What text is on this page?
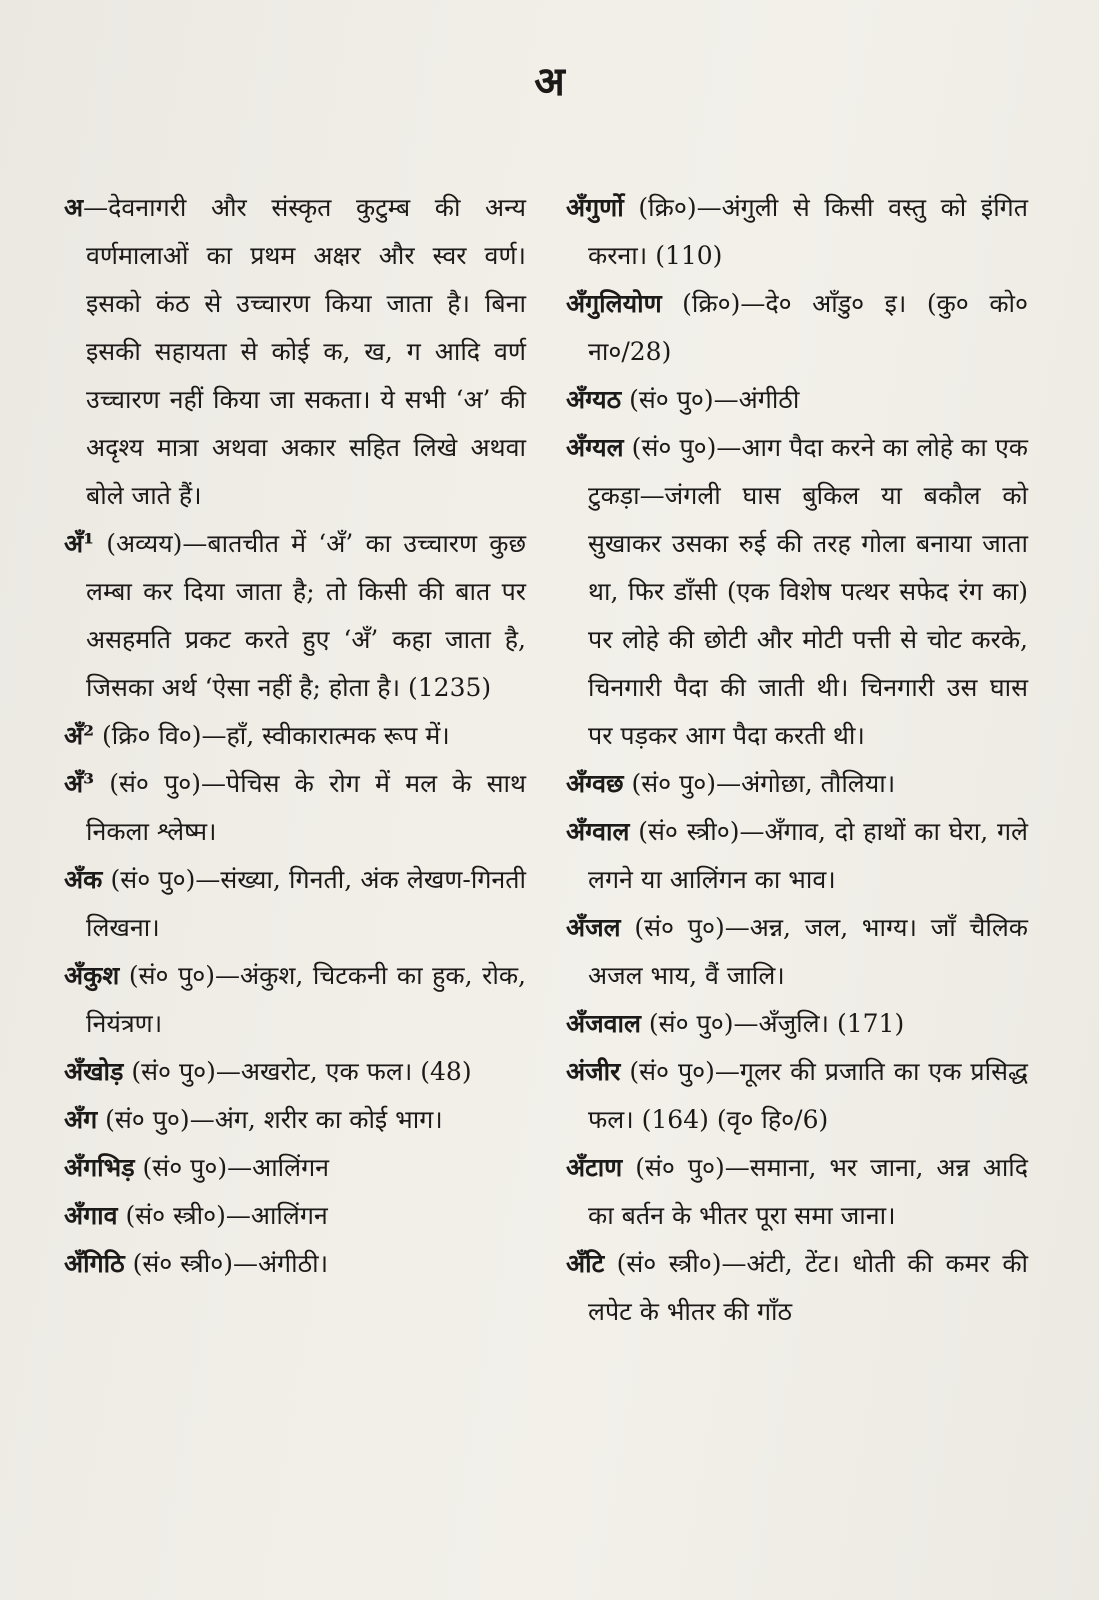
अ

अ—देवनागरी और संस्कृत कुटुम्ब की अन्य वर्णमालाओं का प्रथम अक्षर और स्वर वर्ण। इसको कंठ से उच्चारण किया जाता है। बिना इसकी सहायता से कोई क, ख, ग आदि वर्ण उच्चारण नहीं किया जा सकता। ये सभी ‘अ’ की अदृश्य मात्रा अथवा अकार सहित लिखे अथवा बोले जाते हैं।

अँ¹ (अव्यय)—बातचीत में ‘अँ’ का उच्चारण कुछ लम्बा कर दिया जाता है; तो किसी की बात पर असहमति प्रकट करते हुए ‘अँ’ कहा जाता है, जिसका अर्थ ‘ऐसा नहीं है; होता है। (1235)

अँ² (क्रि० वि०)—हाँ, स्वीकारात्मक रूप में।

अँ³ (सं० पु०)—पेचिस के रोग में मल के साथ निकला श्लेष्म।

अँक (सं० पु०)—संख्या, गिनती, अंक लेखण-गिनती लिखना।

अँकुश (सं० पु०)—अंकुश, चिटकनी का हुक, रोक, नियंत्रण।

अँखोड़ (सं० पु०)—अखरोट, एक फल। (48)

अँग (सं० पु०)—अंग, शरीर का कोई भाग।

अँगभिड़ (सं० पु०)—आलिंगन

अँगाव (सं० स्त्री०)—आलिंगन

अँगिठि (सं० स्त्री०)—अंगीठी।

अँगुर्णो (क्रि०)—अंगुली से किसी वस्तु को इंगित करना। (110)

अँगुलियोण (क्रि०)—दे० आँडु० इ। (कु० को० ना०/28)

अँग्यठ (सं० पु०)—अंगीठी

अँग्यल (सं० पु०)—आग पैदा करने का लोहे का एक टुकड़ा—जंगली घास बुकिल या बकौल को सुखाकर उसका रुई की तरह गोला बनाया जाता था, फिर डाँसी (एक विशेष पत्थर सफेद रंग का) पर लोहे की छोटी और मोटी पत्ती से चोट करके, चिनगारी पैदा की जाती थी। चिनगारी उस घास पर पड़कर आग पैदा करती थी।

अँग्वछ (सं० पु०)—अंगोछा, तौलिया।

अँग्वाल (सं० स्त्री०)—अँगाव, दो हाथों का घेरा, गले लगने या आलिंगन का भाव।

अँजल (सं० पु०)—अन्न, जल, भाग्य। जाँ चैलिक अजल भाय, वैं जालि।

अँजवाल (सं० पु०)—अँजुलि। (171)

अंजीर (सं० पु०)—गूलर की प्रजाति का एक प्रसिद्ध फल। (164) (वृ० हि०/6)

अँटाण (सं० पु०)—समाना, भर जाना, अन्न आदि का बर्तन के भीतर पूरा समा जाना।

अँटि (सं० स्त्री०)—अंटी, टेंट। धोती की कमर की लपेट के भीतर की गाँठ
